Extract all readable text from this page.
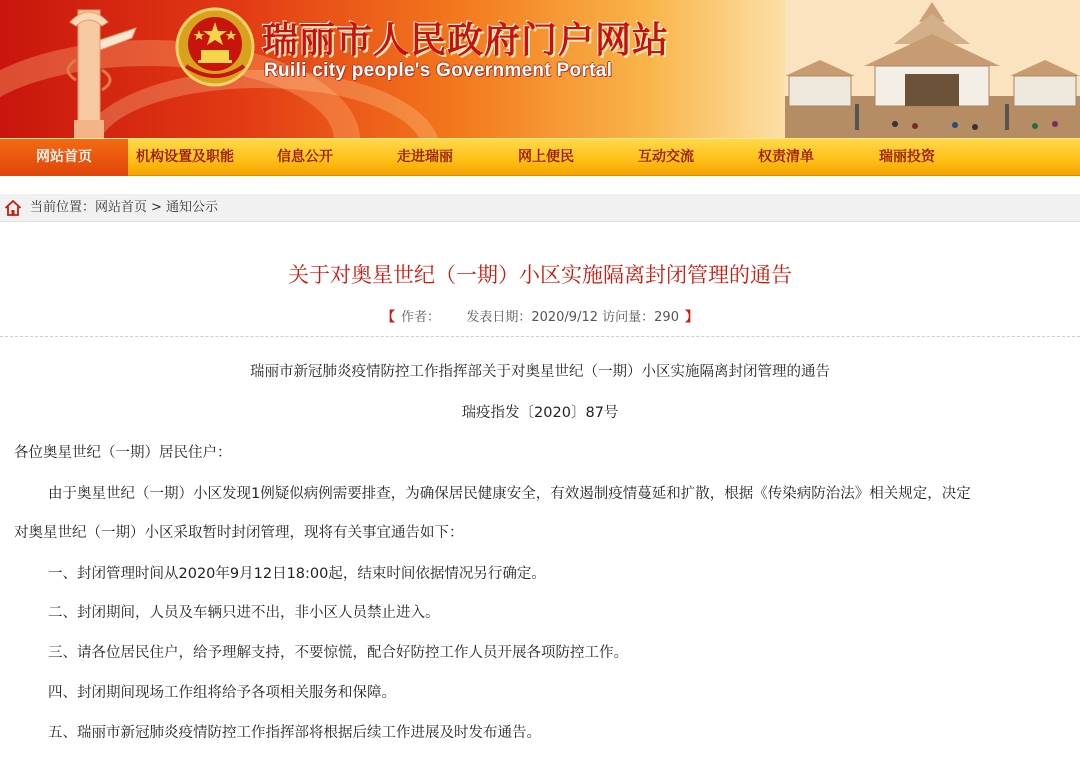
瑞丽市人民政府门户网站
Ruili city people's Government Portal
网站首页	机构设置及职能	信息公开	走进瑞丽	网上便民	互动交流	权责清单	瑞丽投资
当前位置：网站首页 > 通知公示
关于对奥星世纪（一期）小区实施隔离封闭管理的通告
【 作者： 发表日期：2020/9/12 访问量：290 】
瑞丽市新冠肺炎疫情防控工作指挥部关于对奥星世纪（一期）小区实施隔离封闭管理的通告
瑞疫指发〔2020〕87号
各位奥星世纪（一期）居民住户：
由于奥星世纪（一期）小区发现1例疑似病例需要排查，为确保居民健康安全，有效遏制疫情蔓延和扩散，根据《传染病防治法》相关规定，决定
对奥星世纪（一期）小区采取暂时封闭管理，现将有关事宜通告如下：
一、封闭管理时间从2020年9月12日18:00起，结束时间依据情况另行确定。
二、封闭期间，人员及车辆只进不出，非小区人员禁止进入。
三、请各位居民住户，给予理解支持，不要惊慌，配合好防控工作人员开展各项防控工作。
四、封闭期间现场工作组将给予各项相关服务和保障。
五、瑞丽市新冠肺炎疫情防控工作指挥部将根据后续工作进展及时发布通告。
